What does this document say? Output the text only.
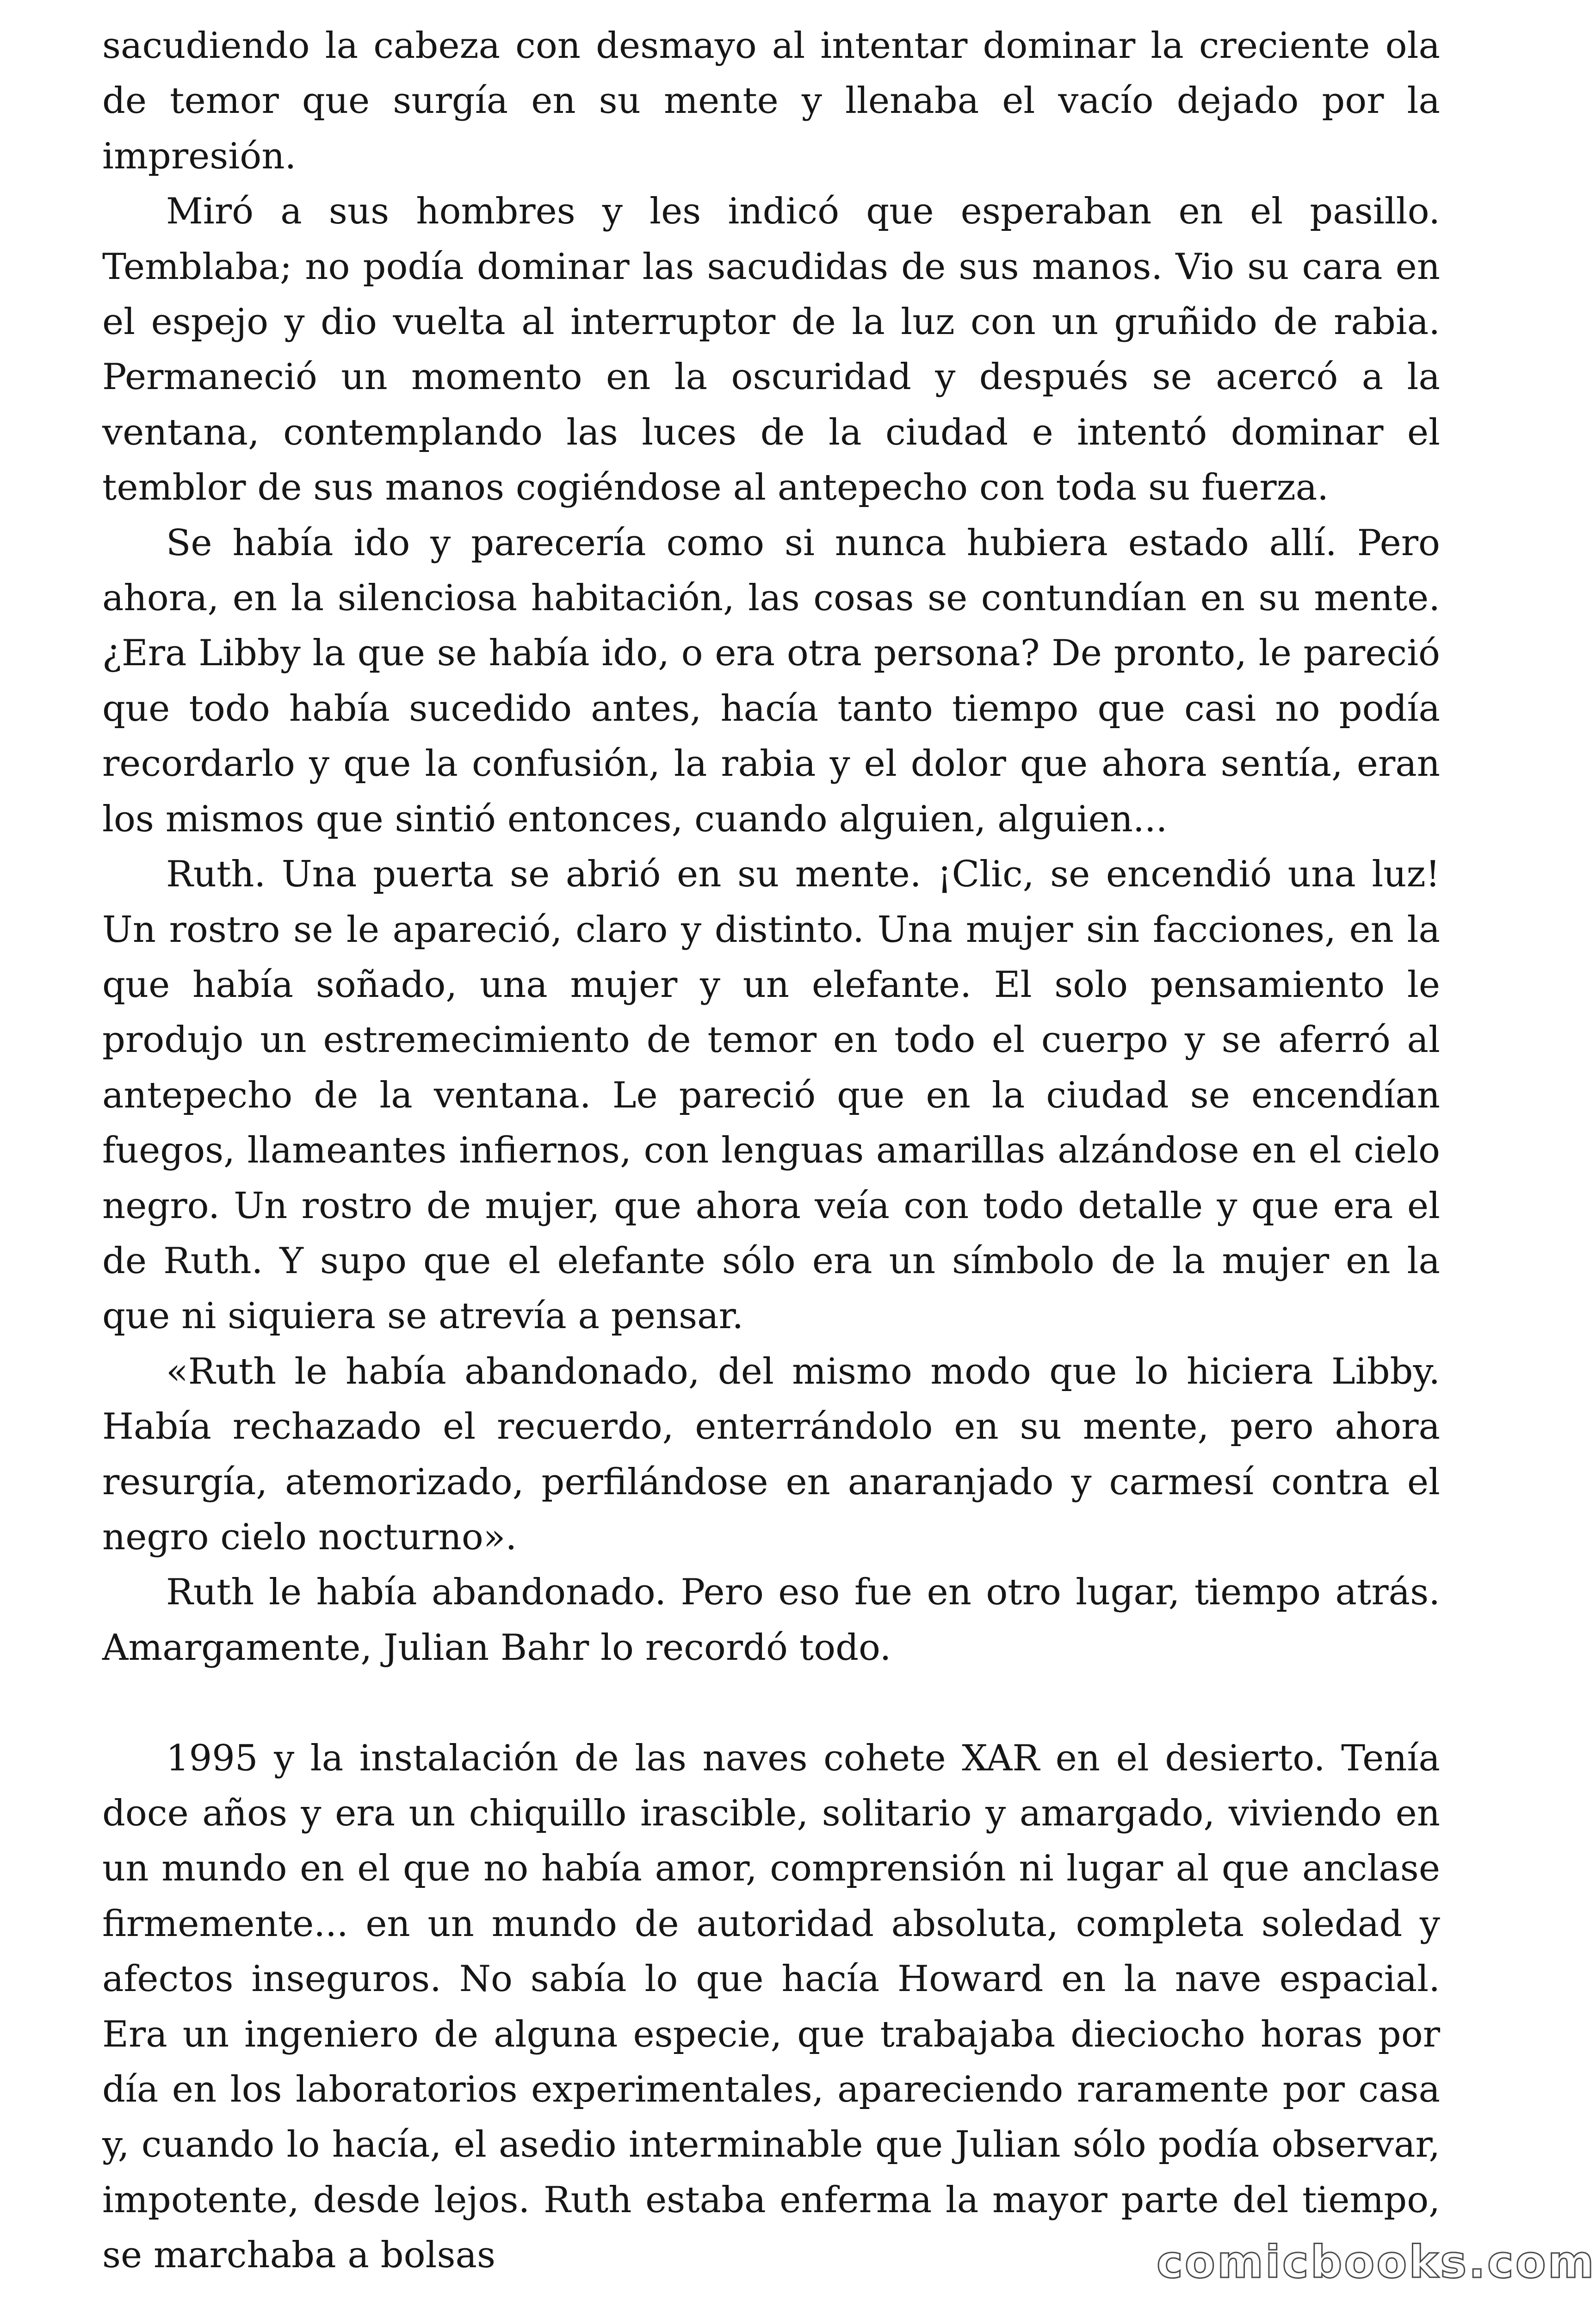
sacudiendo la cabeza con desmayo al intentar dominar la creciente ola de temor que surgía en su mente y llenaba el vacío dejado por la impresión.

Miró a sus hombres y les indicó que esperaban en el pasillo. Temblaba; no podía dominar las sacudidas de sus manos. Vio su cara en el espejo y dio vuelta al interruptor de la luz con un gruñido de rabia. Permaneció un momento en la oscuridad y después se acercó a la ventana, contemplando las luces de la ciudad e intentó dominar el temblor de sus manos cogiéndose al antepecho con toda su fuerza.

Se había ido y parecería como si nunca hubiera estado allí. Pero ahora, en la silenciosa habitación, las cosas se contundían en su mente. ¿Era Libby la que se había ido, o era otra persona? De pronto, le pareció que todo había sucedido antes, hacía tanto tiempo que casi no podía recordarlo y que la confusión, la rabia y el dolor que ahora sentía, eran los mismos que sintió entonces, cuando alguien, alguien...

Ruth. Una puerta se abrió en su mente. ¡Clic, se encendió una luz! Un rostro se le apareció, claro y distinto. Una mujer sin facciones, en la que había soñado, una mujer y un elefante. El solo pensamiento le produjo un estremecimiento de temor en todo el cuerpo y se aferró al antepecho de la ventana. Le pareció que en la ciudad se encendían fuegos, llameantes infiernos, con lenguas amarillas alzándose en el cielo negro. Un rostro de mujer, que ahora veía con todo detalle y que era el de Ruth. Y supo que el elefante sólo era un símbolo de la mujer en la que ni siquiera se atrevía a pensar.

«Ruth le había abandonado, del mismo modo que lo hiciera Libby. Había rechazado el recuerdo, enterrándolo en su mente, pero ahora resurgía, atemorizado, perfilándose en anaranjado y carmesí contra el negro cielo nocturno».

Ruth le había abandonado. Pero eso fue en otro lugar, tiempo atrás. Amargamente, Julian Bahr lo recordó todo.

1995 y la instalación de las naves cohete XAR en el desierto. Tenía doce años y era un chiquillo irascible, solitario y amargado, viviendo en un mundo en el que no había amor, comprensión ni lugar al que anclase firmemente... en un mundo de autoridad absoluta, completa soledad y afectos inseguros. No sabía lo que hacía Howard en la nave espacial. Era un ingeniero de alguna especie, que trabajaba dieciocho horas por día en los laboratorios experimentales, apareciendo raramente por casa y, cuando lo hacía, el asedio interminable que Julian sólo podía observar, impotente, desde lejos. Ruth estaba enferma la mayor parte del tiempo, se marchaba a bolsas	comicbooks.com
